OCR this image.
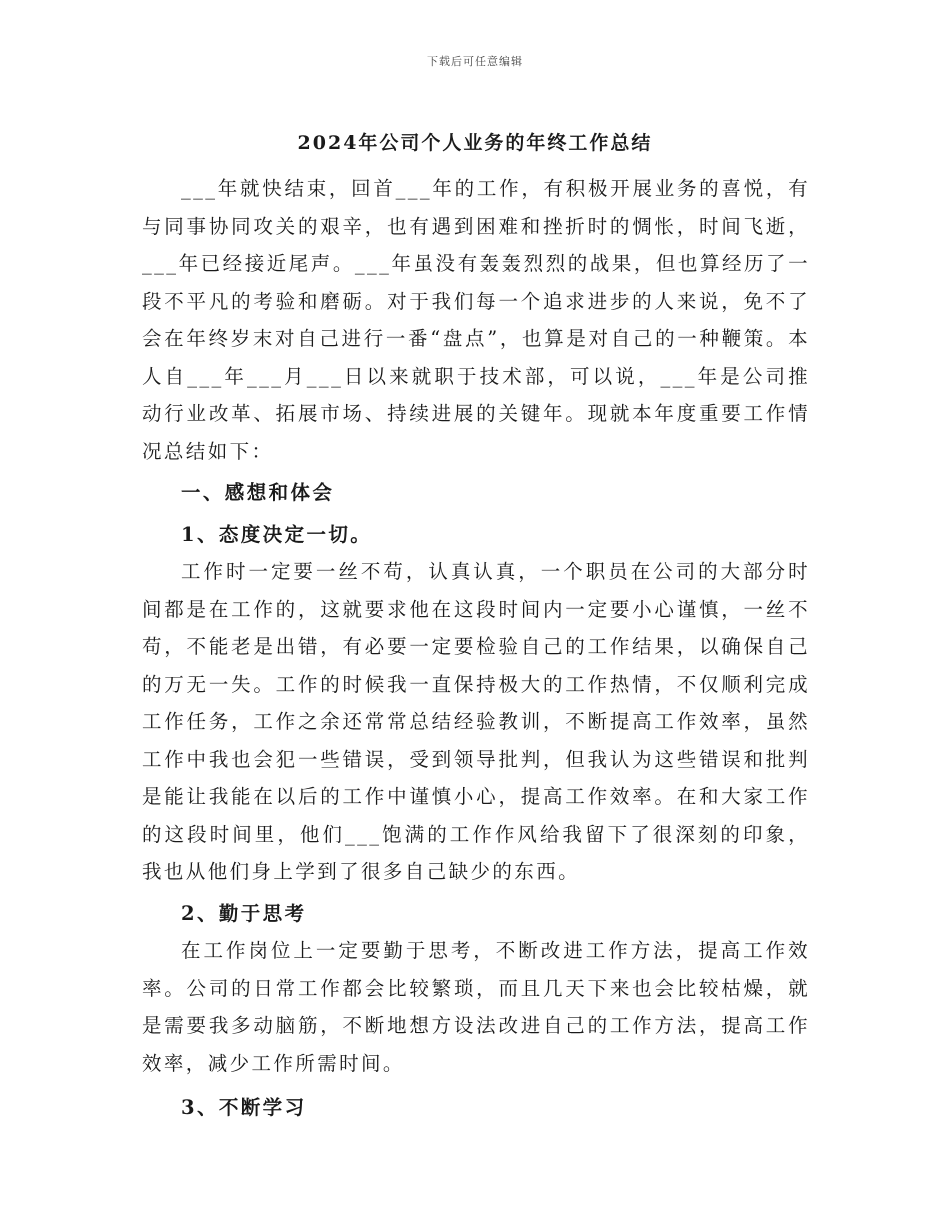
下载后可任意编辑
2024年公司个人业务的年终工作总结

___年就快结束，回首___年的工作，有积极开展业务的喜悦，有与同事协同攻关的艰辛，也有遇到困难和挫折时的惆怅，时间飞逝，___年已经接近尾声。___年虽没有轰轰烈烈的战果，但也算经历了一段不平凡的考验和磨砺。对于我们每一个追求进步的人来说，免不了会在年终岁末对自己进行一番“盘点”，也算是对自己的一种鞭策。本人自___年___月___日以来就职于技术部，可以说，___年是公司推动行业改革、拓展市场、持续进展的关键年。现就本年度重要工作情况总结如下：

一、感想和体会

1、态度决定一切。

工作时一定要一丝不苟，认真认真，一个职员在公司的大部分时间都是在工作的，这就要求他在这段时间内一定要小心谨慎，一丝不苟，不能老是出错，有必要一定要检验自己的工作结果，以确保自己的万无一失。工作的时候我一直保持极大的工作热情，不仅顺利完成工作任务，工作之余还常常总结经验教训，不断提高工作效率，虽然工作中我也会犯一些错误，受到领导批判，但我认为这些错误和批判是能让我能在以后的工作中谨慎小心，提高工作效率。在和大家工作的这段时间里，他们___饱满的工作作风给我留下了很深刻的印象，我也从他们身上学到了很多自己缺少的东西。

2、勤于思考

在工作岗位上一定要勤于思考，不断改进工作方法，提高工作效率。公司的日常工作都会比较繁琐，而且几天下来也会比较枯燥，就是需要我多动脑筋，不断地想方设法改进自己的工作方法，提高工作效率，减少工作所需时间。

3、不断学习
